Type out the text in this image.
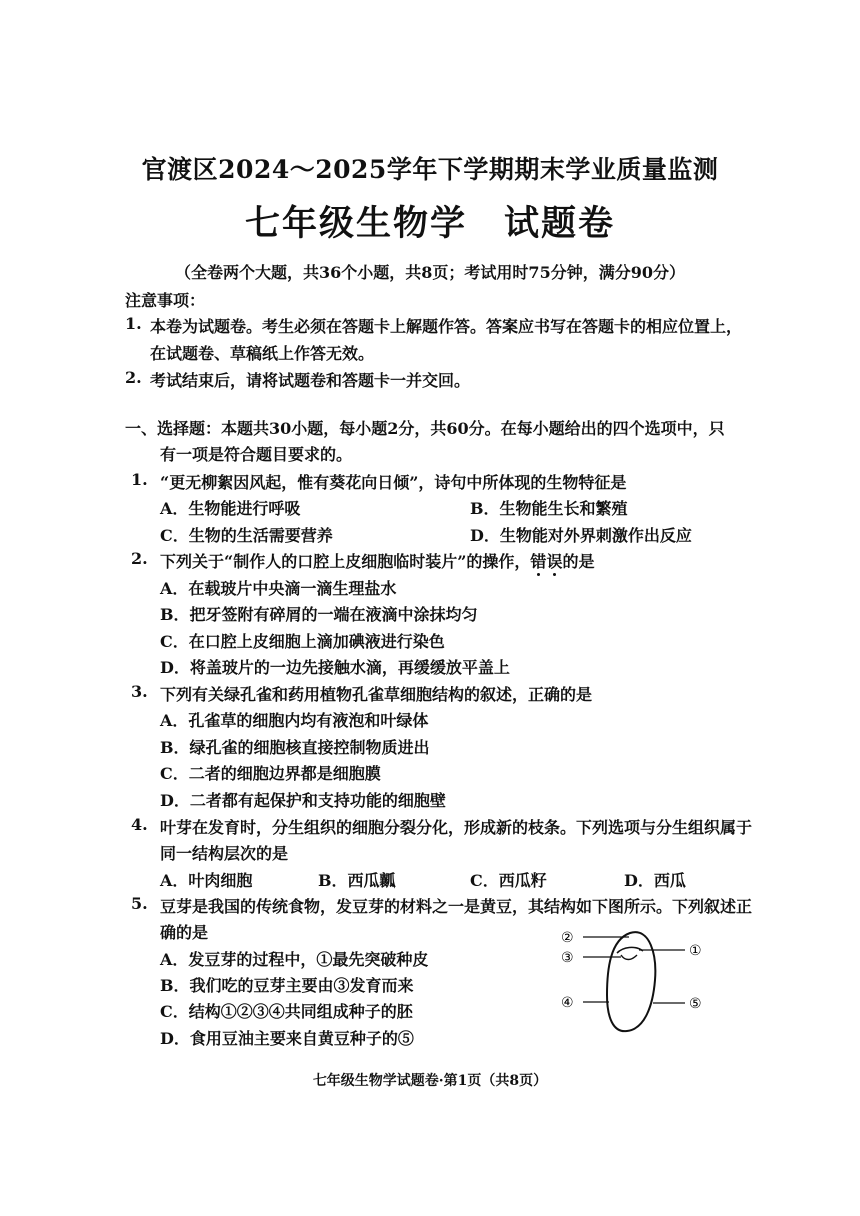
官渡区2024～2025学年下学期期末学业质量监测
七年级生物学　试题卷
（全卷两个大题，共36个小题，共8页；考试用时75分钟，满分90分）
注意事项：
1. 本卷为试题卷。考生必须在答题卡上解题作答。答案应书写在答题卡的相应位置上，
在试题卷、草稿纸上作答无效。
2. 考试结束后，请将试题卷和答题卡一并交回。
一、选择题：本题共30小题，每小题2分，共60分。在每小题给出的四个选项中，只
有一项是符合题目要求的。
1. “更无柳絮因风起，惟有葵花向日倾”，诗句中所体现的生物特征是
A．生物能进行呼吸	B．生物能生长和繁殖
C．生物的生活需要营养	D．生物能对外界刺激作出反应
2. 下列关于“制作人的口腔上皮细胞临时装片”的操作，错误的是
A．在载玻片中央滴一滴生理盐水
B．把牙签附有碎屑的一端在液滴中涂抹均匀
C．在口腔上皮细胞上滴加碘液进行染色
D．将盖玻片的一边先接触水滴，再缓缓放平盖上
3. 下列有关绿孔雀和药用植物孔雀草细胞结构的叙述，正确的是
A．孔雀草的细胞内均有液泡和叶绿体
B．绿孔雀的细胞核直接控制物质进出
C．二者的细胞边界都是细胞膜
D．二者都有起保护和支持功能的细胞壁
4. 叶芽在发育时，分生组织的细胞分裂分化，形成新的枝条。下列选项与分生组织属于
同一结构层次的是
A．叶肉细胞	B．西瓜瓤	C．西瓜籽	D．西瓜
5. 豆芽是我国的传统食物，发豆芽的材料之一是黄豆，其结构如下图所示。下列叙述正
确的是
A．发豆芽的过程中，①最先突破种皮
B．我们吃的豆芽主要由③发育而来
C．结构①②③④共同组成种子的胚
D．食用豆油主要来自黄豆种子的⑤
②
③
④
①
⑤
七年级生物学试题卷·第1页（共8页）
